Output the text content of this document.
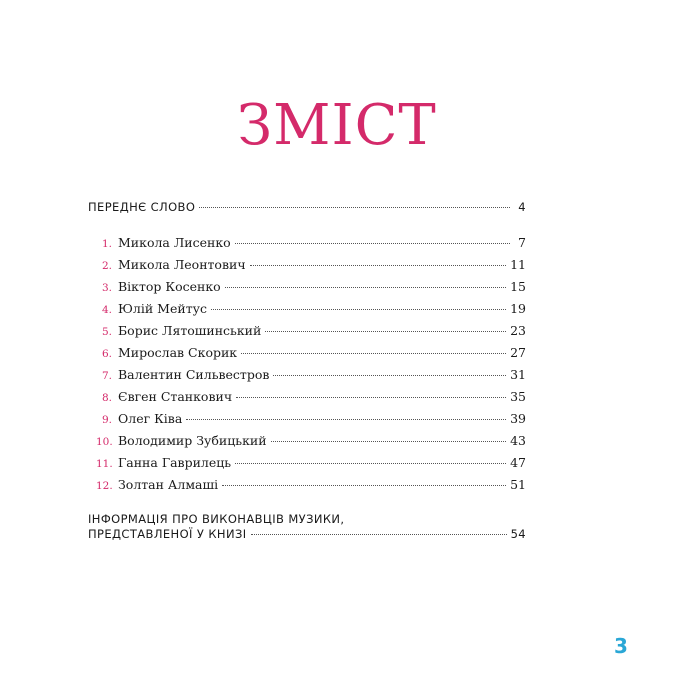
ЗМІСТ
ПЕРЕДНЄ СЛОВО	4
1. Микола Лисенко	7
2. Микола Леонтович	11
3. Віктор Косенко	15
4. Юлій Мейтус	19
5. Борис Лятошинський	23
6. Мирослав Скорик	27
7. Валентин Сильвестров	31
8. Євген Станкович	35
9. Олег Ківа	39
10. Володимир Зубицький	43
11. Ганна Гаврилець	47
12. Золтан Алмаші	51
ІНФОРМАЦІЯ ПРО ВИКОНАВЦІВ МУЗИКИ,
ПРЕДСТАВЛЕНОЇ У КНИЗІ	54
3
